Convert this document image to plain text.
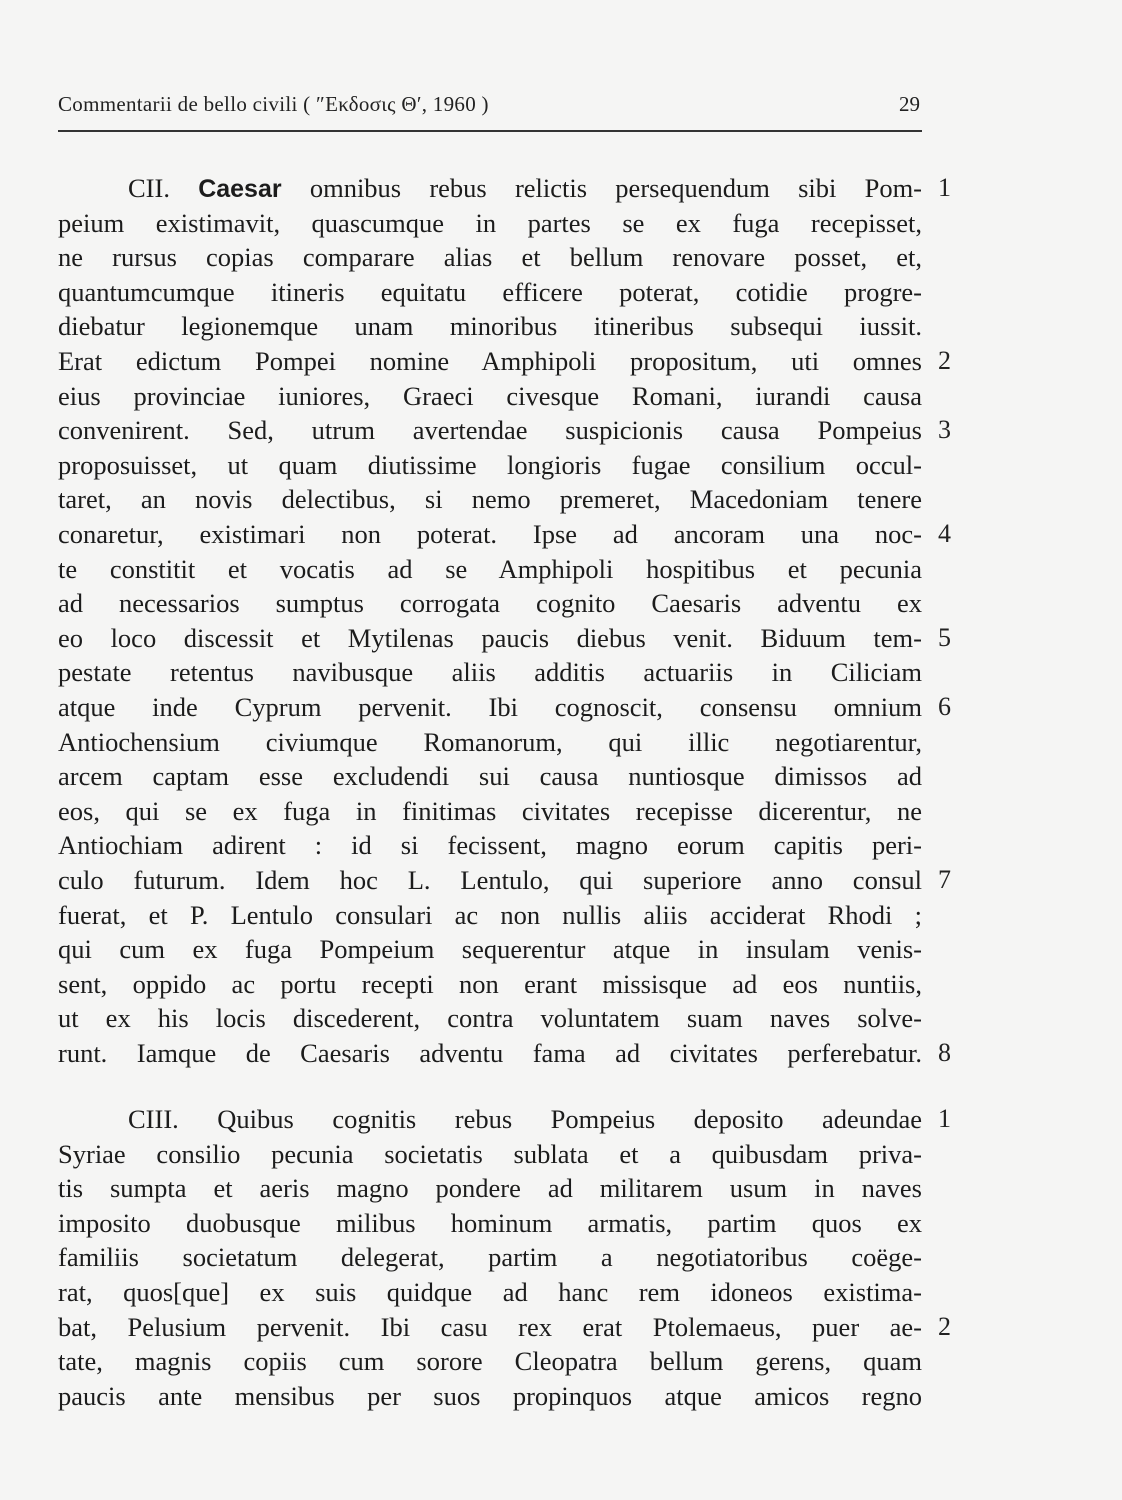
Commentarii de bello civili ( ″Εκδοσις Θ′, 1960 )	29
CII. Caesar omnibus rebus relictis persequendum sibi Pom-
peium existimavit, quascumque in partes se ex fuga recepisset,
ne rursus copias comparare alias et bellum renovare posset, et,
quantumcumque itineris equitatu efficere poterat, cotidie progre-
diebatur legionemque unam minoribus itineribus subsequi iussit.
Erat edictum Pompei nomine Amphipoli propositum, uti omnes
eius provinciae iuniores, Graeci civesque Romani, iurandi causa
convenirent. Sed, utrum avertendae suspicionis causa Pompeius
proposuisset, ut quam diutissime longioris fugae consilium occul-
taret, an novis delectibus, si nemo premeret, Macedoniam tenere
conaretur, existimari non poterat. Ipse ad ancoram una noc-
te constitit et vocatis ad se Amphipoli hospitibus et pecunia
ad necessarios sumptus corrogata cognito Caesaris adventu ex
eo loco discessit et Mytilenas paucis diebus venit. Biduum tem-
pestate retentus navibusque aliis additis actuariis in Ciliciam
atque inde Cyprum pervenit. Ibi cognoscit, consensu omnium
Antiochensium civiumque Romanorum, qui illic negotiarentur,
arcem captam esse excludendi sui causa nuntiosque dimissos ad
eos, qui se ex fuga in finitimas civitates recepisse dicerentur, ne
Antiochiam adirent : id si fecissent, magno eorum capitis peri-
culo futurum. Idem hoc L. Lentulo, qui superiore anno consul
fuerat, et P. Lentulo consulari ac non nullis aliis acciderat Rhodi ;
qui cum ex fuga Pompeium sequerentur atque in insulam venis-
sent, oppido ac portu recepti non erant missisque ad eos nuntiis,
ut ex his locis discederent, contra voluntatem suam naves solve-
runt. Iamque de Caesaris adventu fama ad civitates perferebatur.
CIII. Quibus cognitis rebus Pompeius deposito adeundae
Syriae consilio pecunia societatis sublata et a quibusdam priva-
tis sumpta et aeris magno pondere ad militarem usum in naves
imposito duobusque milibus hominum armatis, partim quos ex
familiis societatum delegerat, partim a negotiatoribus coëge-
rat, quos[que] ex suis quidque ad hanc rem idoneos existima-
bat, Pelusium pervenit. Ibi casu rex erat Ptolemaeus, puer ae-
tate, magnis copiis cum sorore Cleopatra bellum gerens, quam
paucis ante mensibus per suos propinquos atque amicos regno
1
2
3
4
5
6
7
8
1
2
